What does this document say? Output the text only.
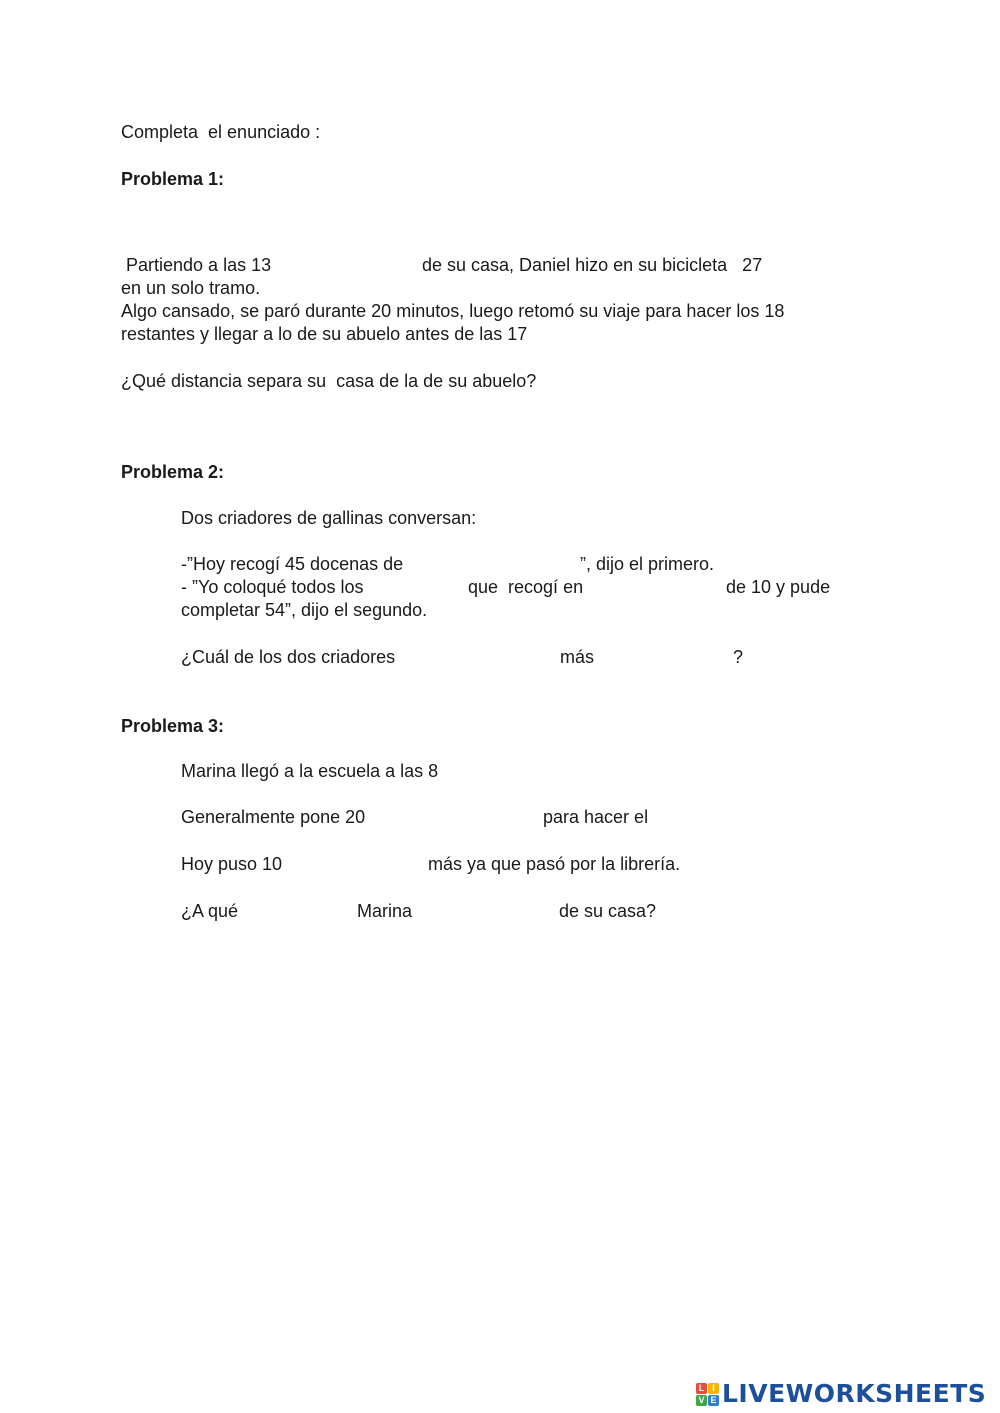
Completa  el enunciado :

Problema 1:

Partiendo a las 13	de su casa, Daniel hizo en su bicicleta   27

en un solo tramo.

Algo cansado, se paró durante 20 minutos, luego retomó su viaje para hacer los 18

restantes y llegar a lo de su abuelo antes de las 17

¿Qué distancia separa su  casa de la de su abuelo?

Problema 2:

Dos criadores de gallinas conversan:

-”Hoy recogí 45 docenas de	”, dijo el primero.

- ”Yo coloqué todos los	que  recogí en	de 10 y pude

completar 54”, dijo el segundo.

¿Cuál de los dos criadores	más	?

Problema 3:

Marina llegó a la escuela a las 8

Generalmente pone 20	para hacer el

Hoy puso 10	más ya que pasó por la librería.

¿A qué	Marina	de su casa?

L I
V E LIVEWORKSHEETS
